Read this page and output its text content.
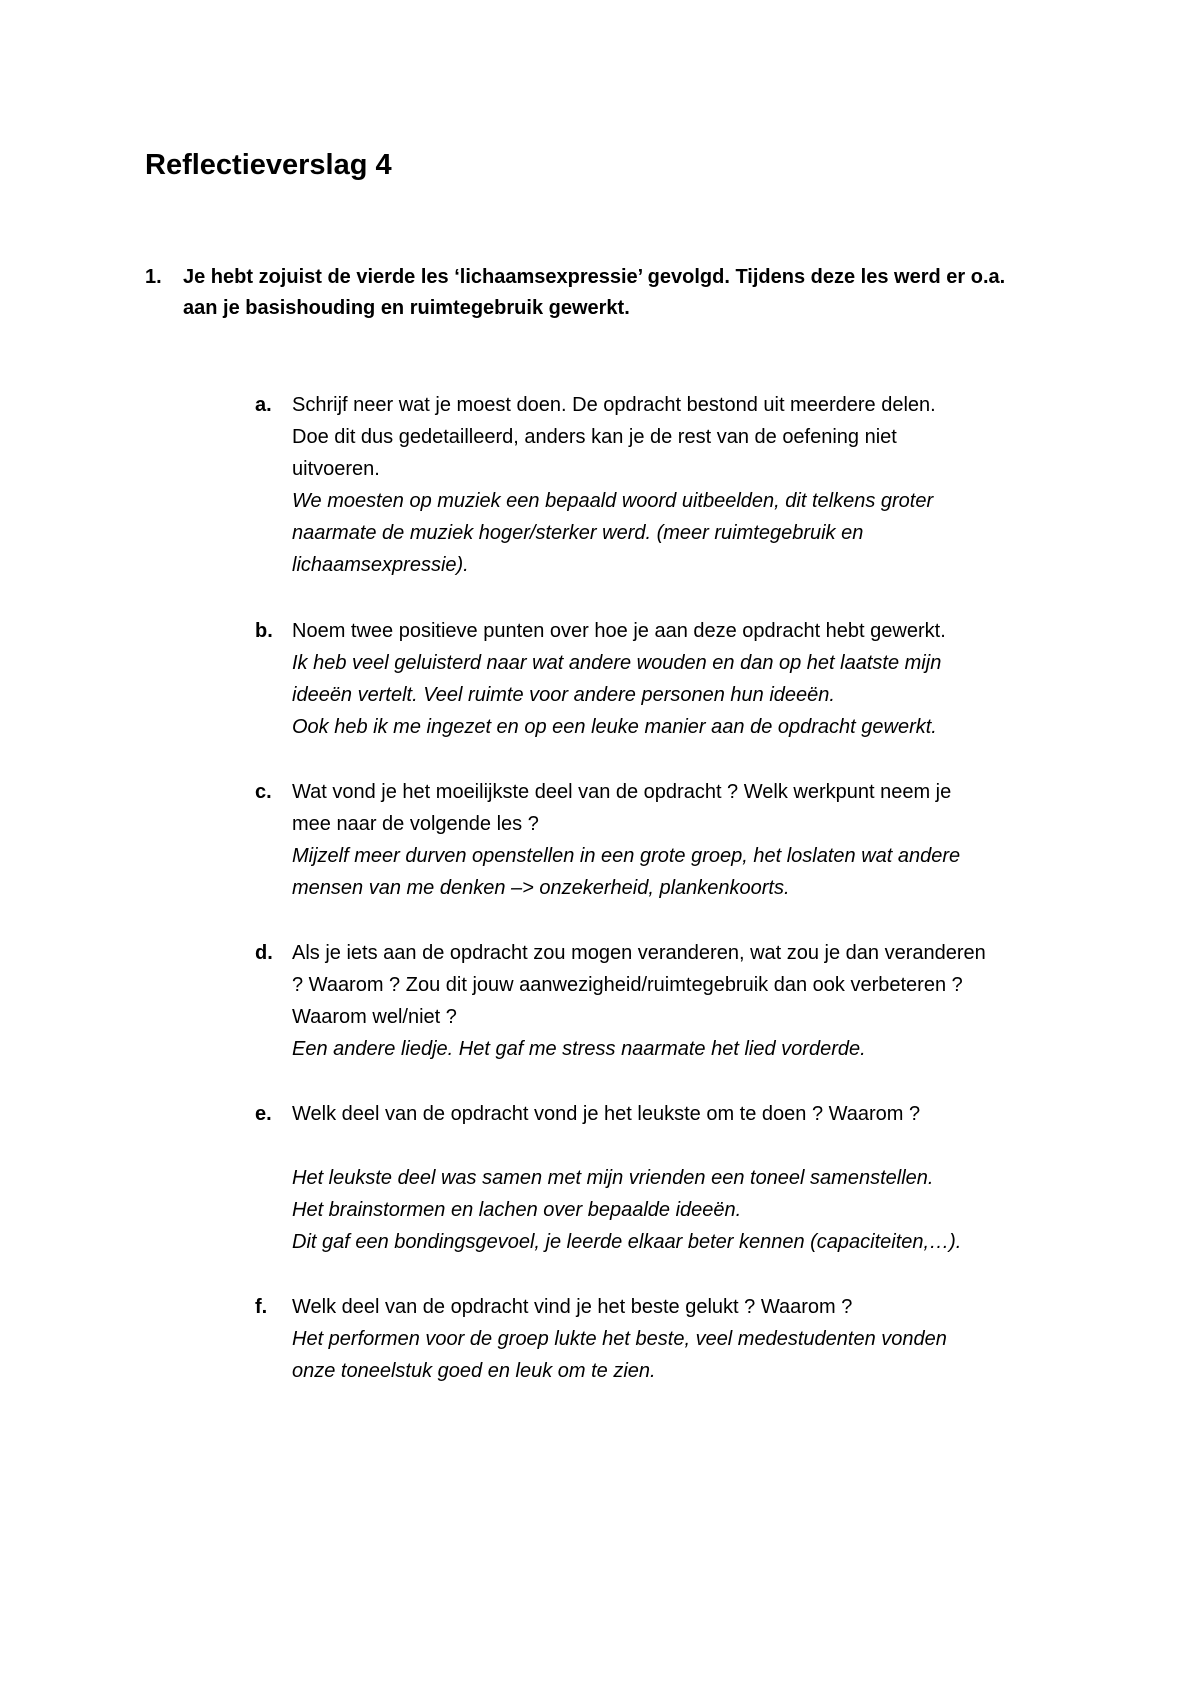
Reflectieverslag 4
1. Je hebt zojuist de vierde les ‘lichaamsexpressie’ gevolgd. Tijdens deze les werd er o.a.
aan je basishouding en ruimtegebruik gewerkt.
a. Schrijf neer wat je moest doen. De opdracht bestond uit meerdere delen.
Doe dit dus gedetailleerd, anders kan je de rest van de oefening niet
uitvoeren.
We moesten op muziek een bepaald woord uitbeelden, dit telkens groter
naarmate de muziek hoger/sterker werd. (meer ruimtegebruik en
lichaamsexpressie).
b. Noem twee positieve punten over hoe je aan deze opdracht hebt gewerkt.
Ik heb veel geluisterd naar wat andere wouden en dan op het laatste mijn
ideeën vertelt. Veel ruimte voor andere personen hun ideeën.
Ook heb ik me ingezet en op een leuke manier aan de opdracht gewerkt.
c. Wat vond je het moeilijkste deel van de opdracht ? Welk werkpunt neem je
mee naar de volgende les ?
Mijzelf meer durven openstellen in een grote groep, het loslaten wat andere
mensen van me denken –> onzekerheid, plankenkoorts.
d. Als je iets aan de opdracht zou mogen veranderen, wat zou je dan veranderen
? Waarom ? Zou dit jouw aanwezigheid/ruimtegebruik dan ook verbeteren ?
Waarom wel/niet ?
Een andere liedje. Het gaf me stress naarmate het lied vorderde.
e. Welk deel van de opdracht vond je het leukste om te doen ? Waarom ?
Het leukste deel was samen met mijn vrienden een toneel samenstellen.
Het brainstormen en lachen over bepaalde ideeën.
Dit gaf een bondingsgevoel, je leerde elkaar beter kennen (capaciteiten,…).
f. Welk deel van de opdracht vind je het beste gelukt ? Waarom ?
Het performen voor de groep lukte het beste, veel medestudenten vonden
onze toneelstuk goed en leuk om te zien.
